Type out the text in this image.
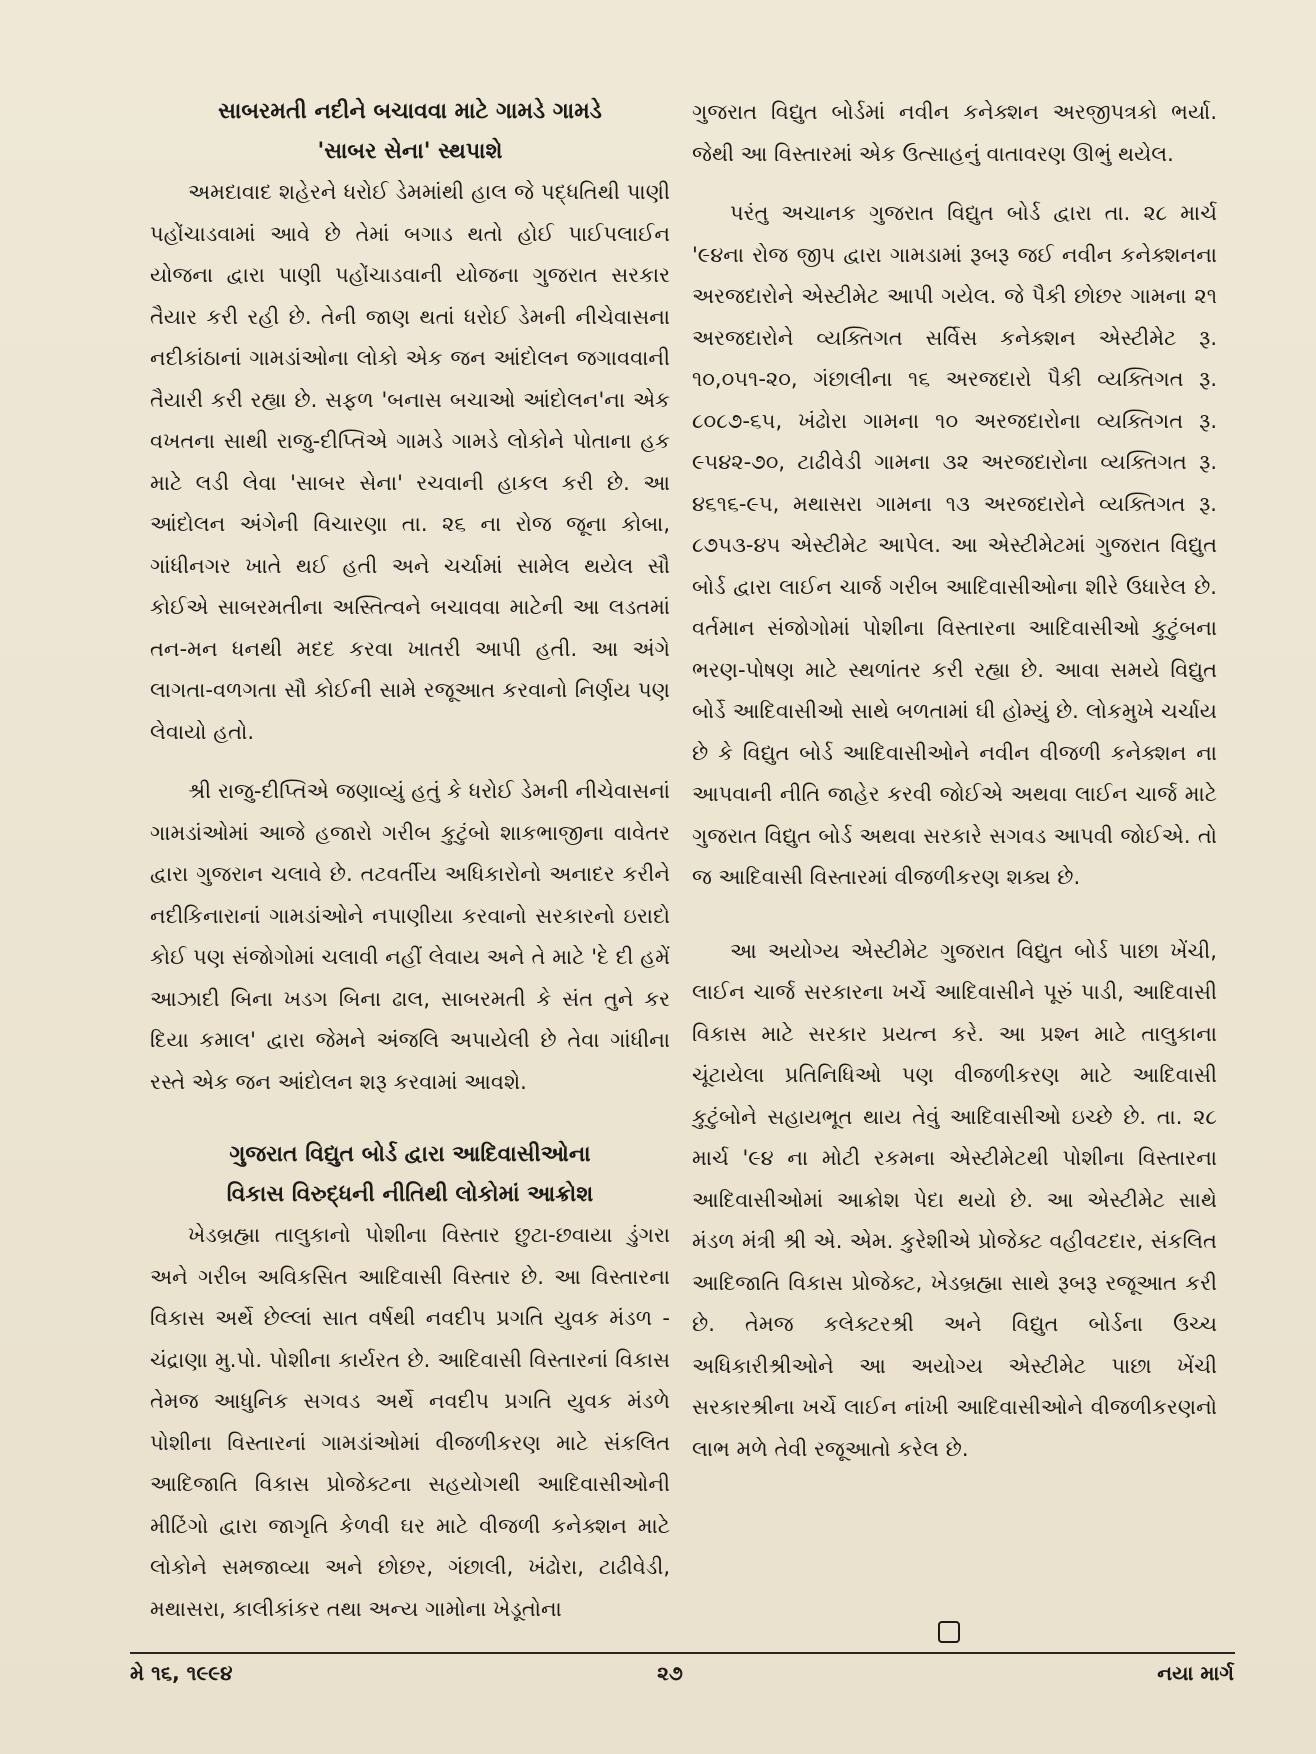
સાબરમતી નદીને બચાવવા માટે ગામડે ગામડે

'સાબર સેના' સ્થપાશે

અમદાવાદ શહેરને ધરોઈ ડેમમાંથી હાલ જે પદ્ધતિથી પાણી પહોંચાડવામાં આવે છે તેમાં બગાડ થતો હોઈ પાઈપલાઈન યોજના દ્વારા પાણી પહોંચાડવાની યોજના ગુજરાત સરકાર તૈયાર કરી રહી છે. તેની જાણ થતાં ધરોઈ ડેમની નીચેવાસના નદીકાંઠાનાં ગામડાંઓના લોકો એક જન આંદોલન જગાવવાની તૈયારી કરી રહ્યા છે. સફળ 'બનાસ બચાઓ આંદોલન'ના એક વખતના સાથી રાજુ-દીપ્તિએ ગામડે ગામડે લોકોને પોતાના હક માટે લડી લેવા 'સાબર સેના' રચવાની હાકલ કરી છે. આ આંદોલન અંગેની વિચારણા તા. ૨૬ ના રોજ જૂના કોબા, ગાંધીનગર ખાતે થઈ હતી અને ચર્ચામાં સામેલ થયેલ સૌ કોઈએ સાબરમતીના અસ્તિત્વને બચાવવા માટેની આ લડતમાં તન-મન ધનથી મદદ કરવા ખાતરી આપી હતી. આ અંગે લાગતા-વળગતા સૌ કોઈની સામે રજૂઆત કરવાનો નિર્ણય પણ લેવાયો હતો.

શ્રી રાજુ-દીપ્તિએ જણાવ્યું હતું કે ધરોઈ ડેમની નીચેવાસનાં ગામડાંઓમાં આજે હજારો ગરીબ કુટુંબો શાકભાજીના વાવેતર દ્વારા ગુજરાન ચલાવે છે. તટવર્તીય અધિકારોનો અનાદર કરીને નદીકિનારાનાં ગામડાંઓને નપાણીયા કરવાનો સરકારનો ઇરાદો કોઈ પણ સંજોગોમાં ચલાવી નહીં લેવાય અને તે માટે 'દે દી હમેં આઝાદી બિના ખડગ બિના ઢાલ, સાબરમતી કે સંત તુને કર દિયા કમાલ' દ્વારા જેમને અંજલિ અપાયેલી છે તેવા ગાંધીના રસ્તે એક જન આંદોલન શરૂ કરવામાં આવશે.

ગુજરાત વિદ્યુત બોર્ડ દ્વારા આદિવાસીઓના

વિકાસ વિરુદ્ધની નીતિથી લોકોમાં આક્રોશ

ખેડબ્રહ્મા તાલુકાનો પોશીના વિસ્તાર છુટા-છવાયા ડુંગરા અને ગરીબ અવિકસિત આદિવાસી વિસ્તાર છે. આ વિસ્તારના વિકાસ અર્થે છેલ્લાં સાત વર્ષથી નવદીપ પ્રગતિ યુવક મંડળ - ચંદ્રાણા મુ.પો. પોશીના કાર્યરત છે. આદિવાસી વિસ્તારનાં વિકાસ તેમજ આધુનિક સગવડ અર્થે નવદીપ પ્રગતિ યુવક મંડળે પોશીના વિસ્તારનાં ગામડાંઓમાં વીજળીકરણ માટે સંકલિત આદિજાતિ વિકાસ પ્રોજેક્ટના સહયોગથી આદિવાસીઓની મીટિંગો દ્વારા જાગૃતિ કેળવી ઘર માટે વીજળી કનેક્શન માટે લોકોને સમજાવ્યા અને છોછર, ગંછાલી, ખંઢોરા, ટાઢીવેડી, મથાસરા, કાલીકાંકર તથા અન્ય ગામોના ખેડૂતોના

ગુજરાત વિદ્યુત બોર્ડમાં નવીન કનેક્શન અરજીપત્રકો ભર્યા. જેથી આ વિસ્તારમાં એક ઉત્સાહનું વાતાવરણ ઊભું થયેલ.

પરંતુ અચાનક ગુજરાત વિદ્યુત બોર્ડ દ્વારા તા. ૨૮ માર્ચ '૯૪ના રોજ જીપ દ્વારા ગામડામાં રૂબરૂ જઈ નવીન કનેક્શનના અરજદારોને એસ્ટીમેટ આપી ગયેલ. જે પૈકી છોછર ગામના ૨૧ અરજદારોને વ્યક્તિગત સર્વિસ કનેક્શન એસ્ટીમેટ રૂ. ૧૦,૦૫૧-૨૦, ગંછાલીના ૧૬ અરજદારો પૈકી વ્યક્તિગત રૂ. ૮૦૮૭-૬૫, ખંઢોરા ગામના ૧૦ અરજદારોના વ્યક્તિગત રૂ. ૯૫૪૨-૭૦, ટાઢીવેડી ગામના ૩૨ અરજદારોના વ્યક્તિગત રૂ. ૪૬૧૬-૯૫, મથાસરા ગામના ૧૩ અરજદારોને વ્યક્તિગત રૂ. ૮૭૫૩-૪૫ એસ્ટીમેટ આપેલ. આ એસ્ટીમેટમાં ગુજરાત વિદ્યુત બોર્ડ દ્વારા લાઈન ચાર્જ ગરીબ આદિવાસીઓના શીરે ઉધારેલ છે. વર્તમાન સંજોગોમાં પોશીના વિસ્તારના આદિવાસીઓ કુટુંબના ભરણ-પોષણ માટે સ્થળાંતર કરી રહ્યા છે. આવા સમયે વિદ્યુત બોર્ડે આદિવાસીઓ સાથે બળતામાં ઘી હોમ્યું છે. લોકમુખે ચર્ચાય છે કે વિદ્યુત બોર્ડ આદિવાસીઓને નવીન વીજળી કનેક્શન ના આપવાની નીતિ જાહેર કરવી જોઈએ અથવા લાઈન ચાર્જ માટે ગુજરાત વિદ્યુત બોર્ડ અથવા સરકારે સગવડ આપવી જોઈએ. તો જ આદિવાસી વિસ્તારમાં વીજળીકરણ શક્ય છે.

આ અયોગ્ય એસ્ટીમેટ ગુજરાત વિદ્યુત બોર્ડ પાછા ખેંચી, લાઈન ચાર્જ સરકારના ખર્ચે આદિવાસીને પૂરું પાડી, આદિવાસી વિકાસ માટે સરકાર પ્રયત્ન કરે. આ પ્રશ્ન માટે તાલુકાના ચૂંટાયેલા પ્રતિનિધિઓ પણ વીજળીકરણ માટે આદિવાસી કુટુંબોને સહાયભૂત થાય તેવું આદિવાસીઓ ઇચ્છે છે. તા. ૨૮ માર્ચ '૯૪ ના મોટી રકમના એસ્ટીમેટથી પોશીના વિસ્તારના આદિવાસીઓમાં આક્રોશ પેદા થયો છે. આ એસ્ટીમેટ સાથે મંડળ મંત્રી શ્રી એ. એમ. કુરેશીએ પ્રોજેક્ટ વહીવટદાર, સંકલિત આદિજાતિ વિકાસ પ્રોજેક્ટ, ખેડબ્રહ્મા સાથે રૂબરૂ રજૂઆત કરી છે. તેમજ કલેક્ટરશ્રી અને વિદ્યુત બોર્ડના ઉચ્ચ અધિકારીશ્રીઓને આ અયોગ્ય એસ્ટીમેટ પાછા ખેંચી સરકારશ્રીના ખર્ચે લાઈન નાંખી આદિવાસીઓને વીજળીકરણનો લાભ મળે તેવી રજૂઆતો કરેલ છે.

મે ૧૬, ૧૯૯૪	૨૭	નયા માર્ગ
